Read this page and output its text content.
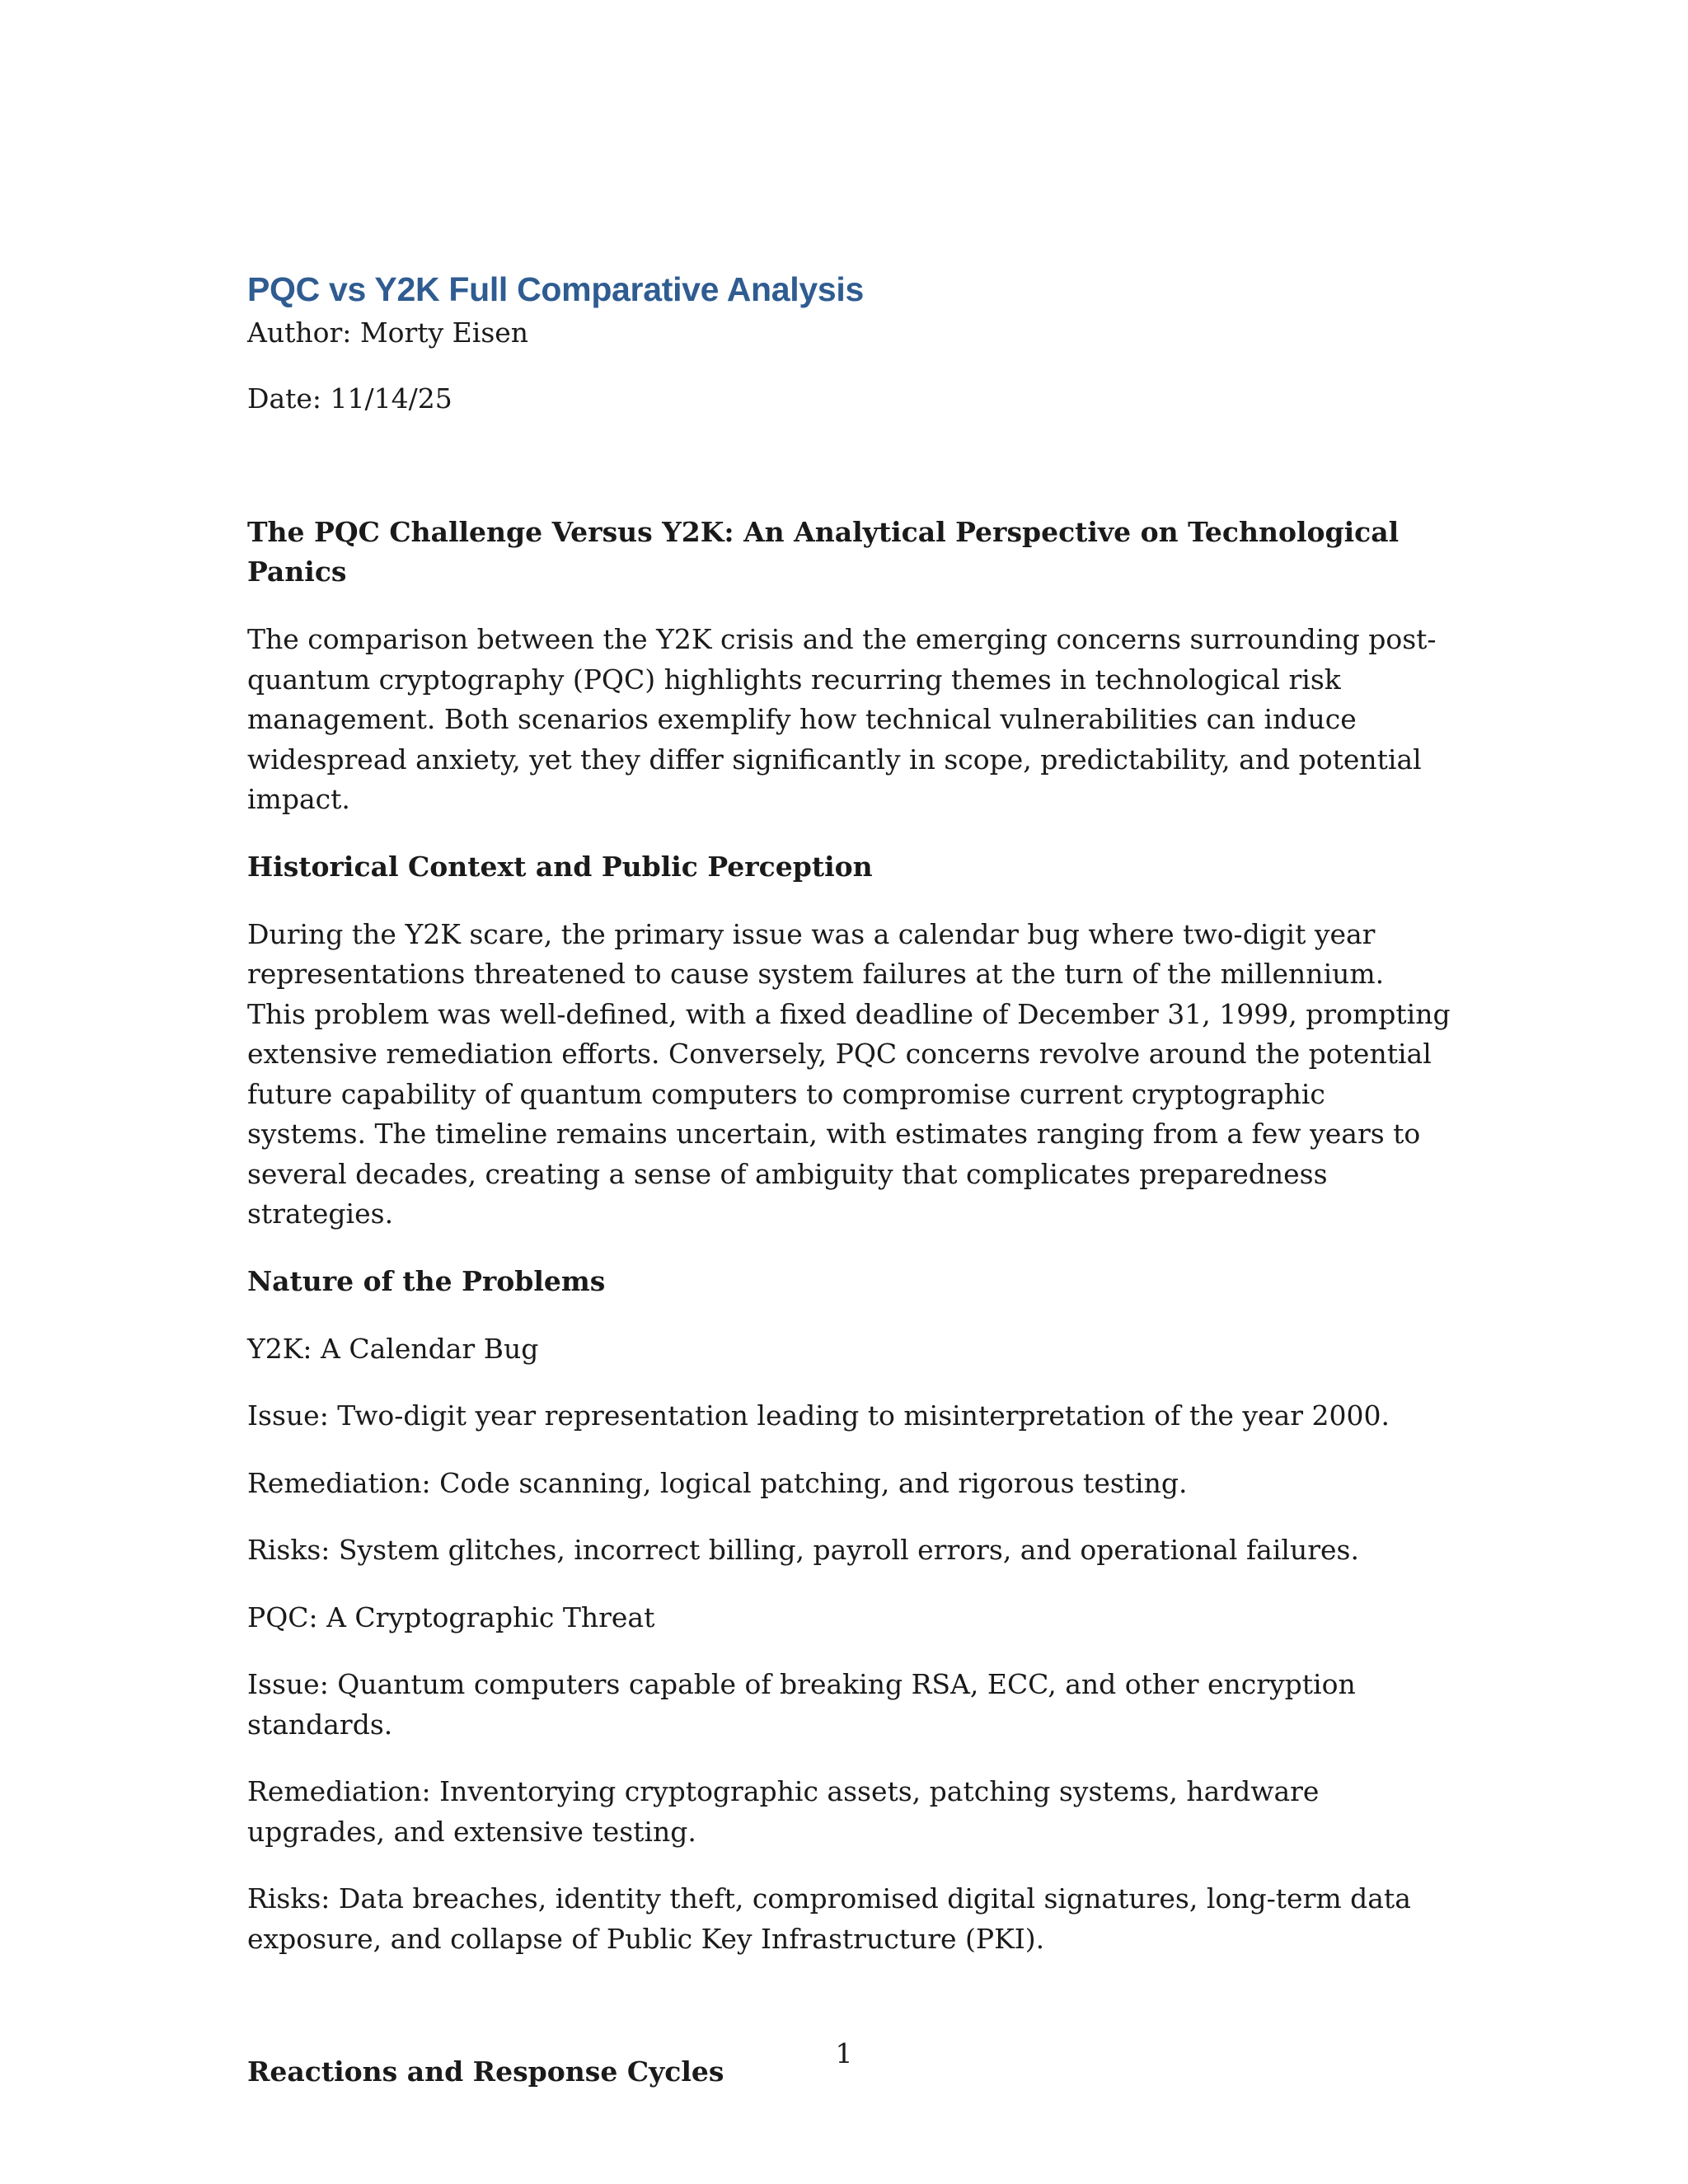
PQC vs Y2K Full Comparative Analysis

Author: Morty Eisen

Date: 11/14/25

The PQC Challenge Versus Y2K: An Analytical Perspective on Technological Panics

The comparison between the Y2K crisis and the emerging concerns surrounding post-quantum cryptography (PQC) highlights recurring themes in technological risk management. Both scenarios exemplify how technical vulnerabilities can induce widespread anxiety, yet they differ significantly in scope, predictability, and potential impact.

Historical Context and Public Perception

During the Y2K scare, the primary issue was a calendar bug where two-digit year representations threatened to cause system failures at the turn of the millennium. This problem was well-defined, with a fixed deadline of December 31, 1999, prompting extensive remediation efforts. Conversely, PQC concerns revolve around the potential future capability of quantum computers to compromise current cryptographic systems. The timeline remains uncertain, with estimates ranging from a few years to several decades, creating a sense of ambiguity that complicates preparedness strategies.

Nature of the Problems

Y2K: A Calendar Bug

Issue: Two-digit year representation leading to misinterpretation of the year 2000.

Remediation: Code scanning, logical patching, and rigorous testing.

Risks: System glitches, incorrect billing, payroll errors, and operational failures.

PQC: A Cryptographic Threat

Issue: Quantum computers capable of breaking RSA, ECC, and other encryption standards.

Remediation: Inventorying cryptographic assets, patching systems, hardware upgrades, and extensive testing.

Risks: Data breaches, identity theft, compromised digital signatures, long-term data exposure, and collapse of Public Key Infrastructure (PKI).

Reactions and Response Cycles

1
